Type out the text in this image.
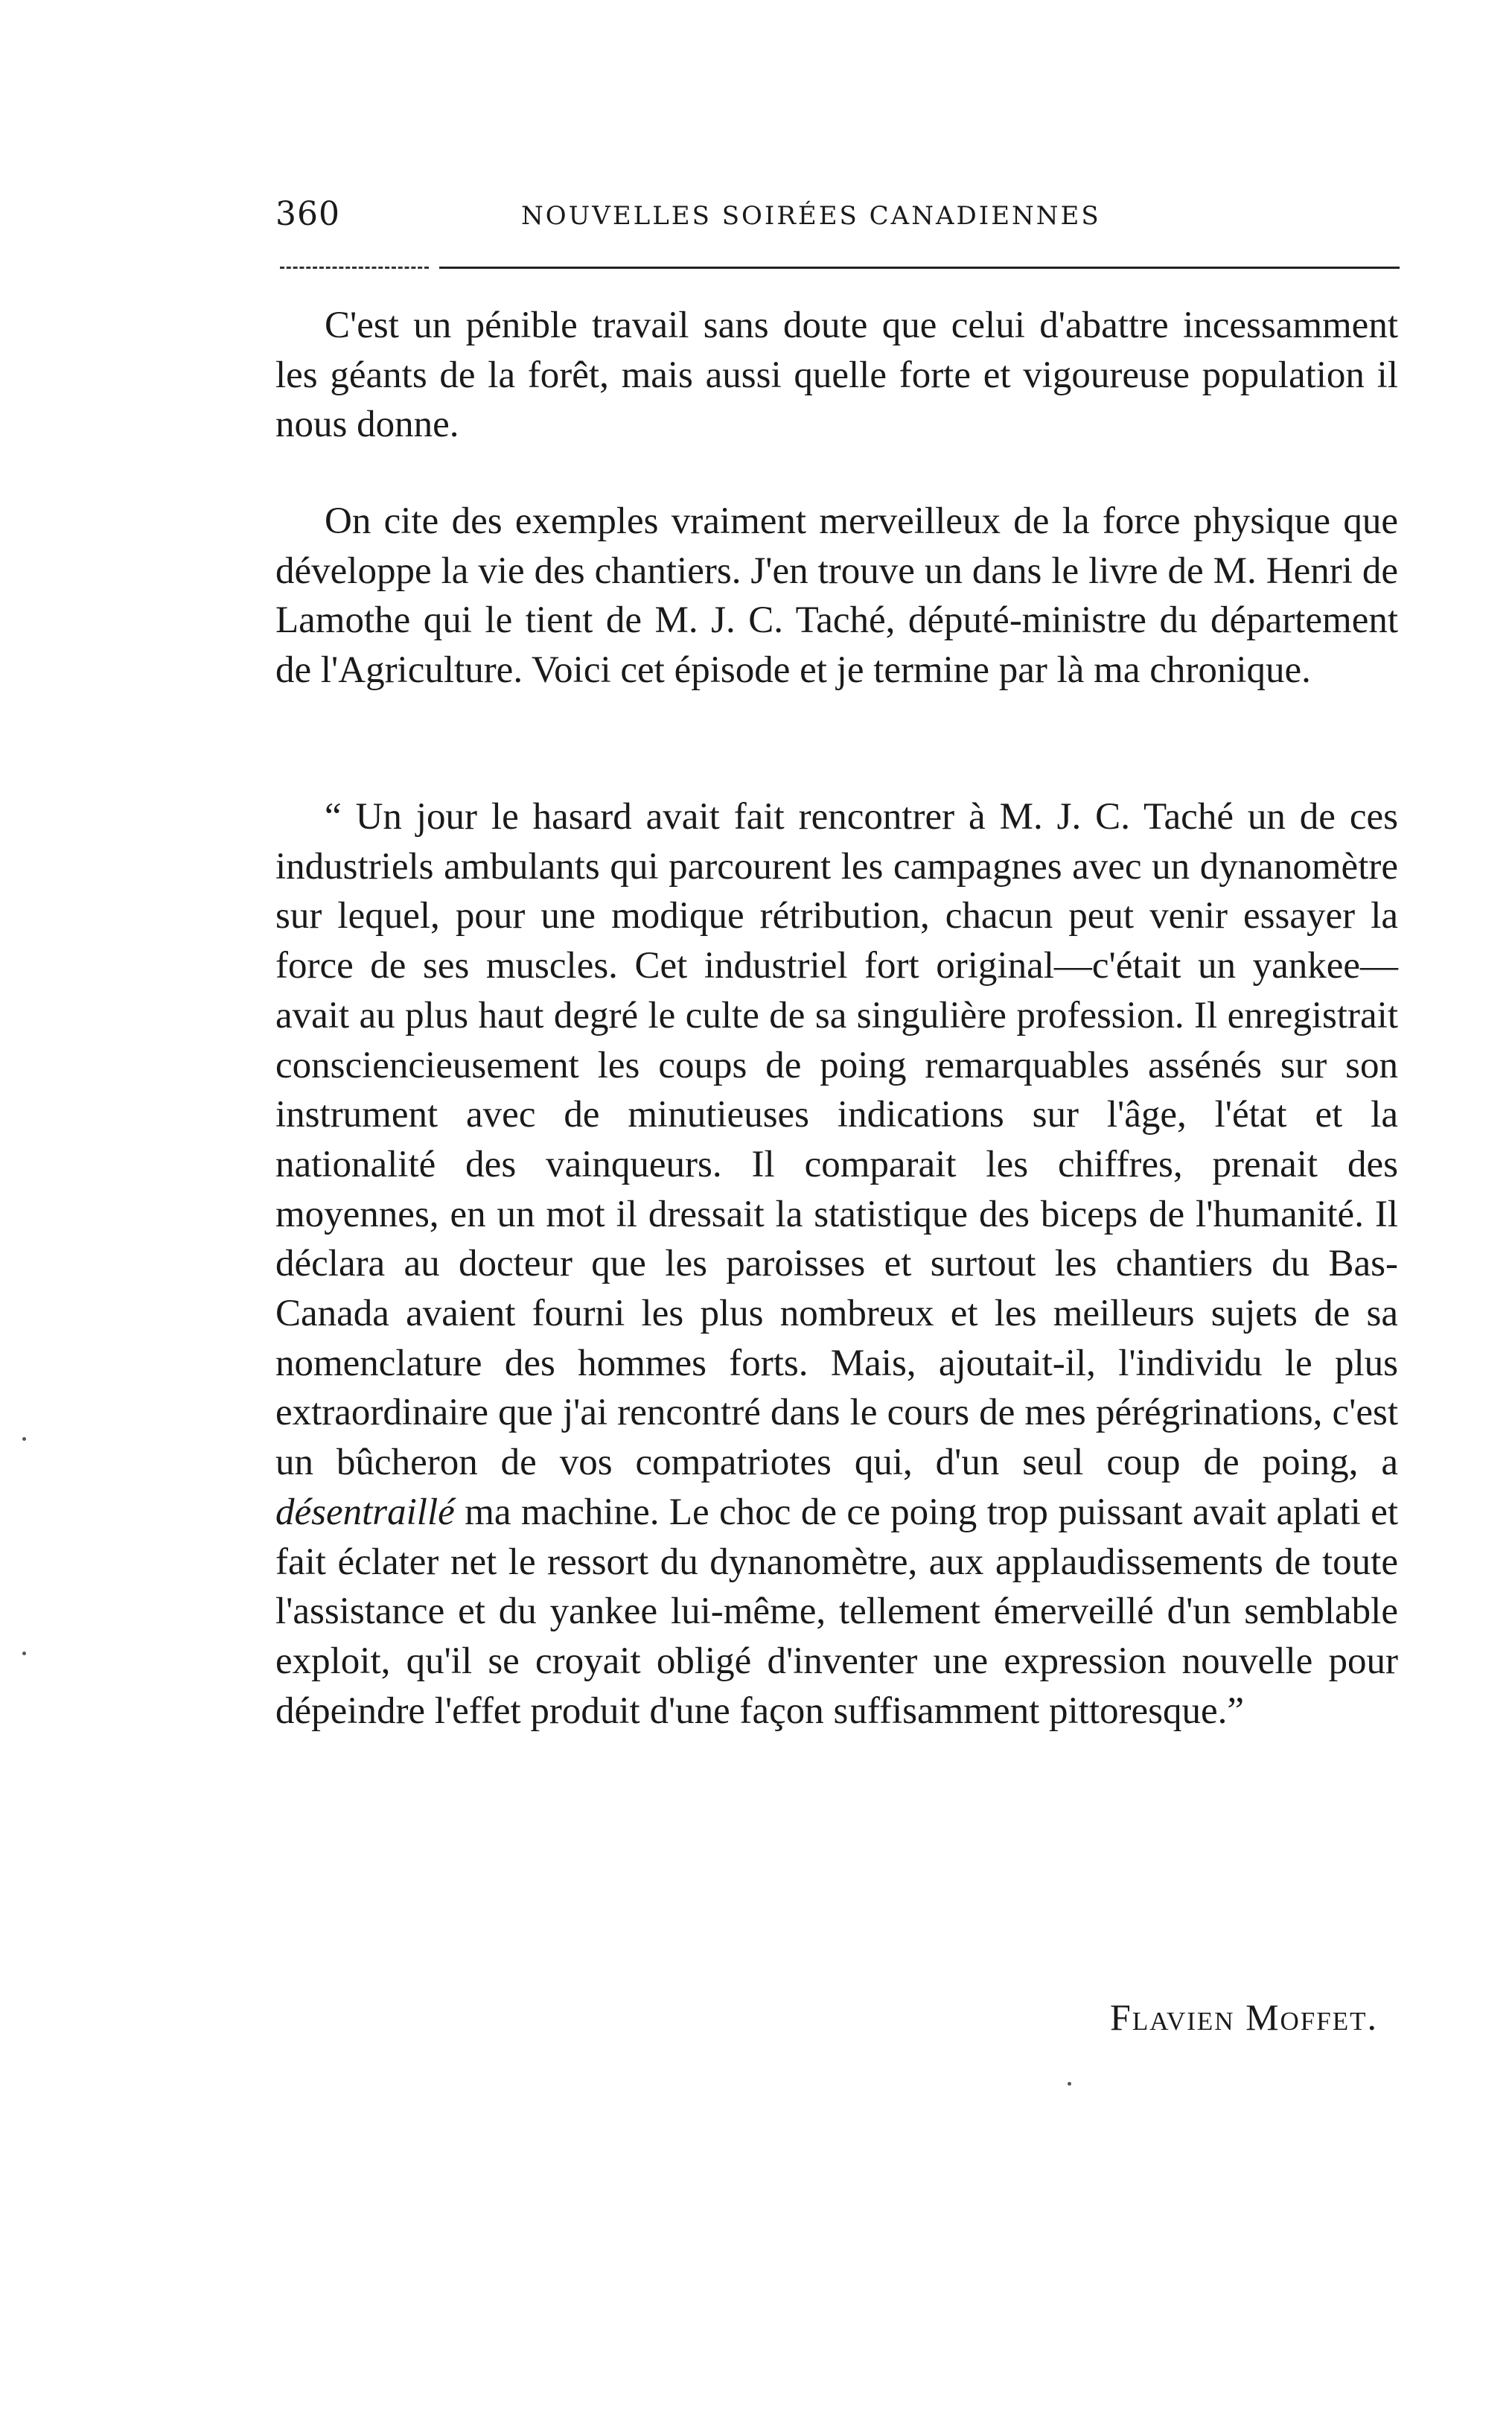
360	NOUVELLES SOIRÉES CANADIENNES

C'est un pénible travail sans doute que celui d'abattre incessamment les géants de la forêt, mais aussi quelle forte et vigoureuse population il nous donne.

On cite des exemples vraiment merveilleux de la force physique que développe la vie des chantiers. J'en trouve un dans le livre de M. Henri de Lamothe qui le tient de M. J. C. Taché, député-ministre du département de l'Agriculture. Voici cet épisode et je termine par là ma chronique.

“ Un jour le hasard avait fait rencontrer à M. J. C. Taché un de ces industriels ambulants qui parcourent les campagnes avec un dynanomètre sur lequel, pour une modique rétribution, chacun peut venir essayer la force de ses muscles. Cet industriel fort original—c'était un yankee—avait au plus haut degré le culte de sa singulière profession. Il enregistrait consciencieusement les coups de poing remarquables assénés sur son instrument avec de minutieuses indications sur l'âge, l'état et la nationalité des vainqueurs. Il comparait les chiffres, prenait des moyennes, en un mot il dressait la statistique des biceps de l'humanité. Il déclara au docteur que les paroisses et surtout les chantiers du Bas-Canada avaient fourni les plus nombreux et les meilleurs sujets de sa nomenclature des hommes forts. Mais, ajoutait-il, l'individu le plus extraordinaire que j'ai rencontré dans le cours de mes pérégrinations, c'est un bûcheron de vos compatriotes qui, d'un seul coup de poing, a désentraillé ma machine. Le choc de ce poing trop puissant avait aplati et fait éclater net le ressort du dynanomètre, aux applaudissements de toute l'assistance et du yankee lui-même, tellement émerveillé d'un semblable exploit, qu'il se croyait obligé d'inventer une expression nouvelle pour dépeindre l'effet produit d'une façon suffisamment pittoresque.”

Flavien Moffet.
